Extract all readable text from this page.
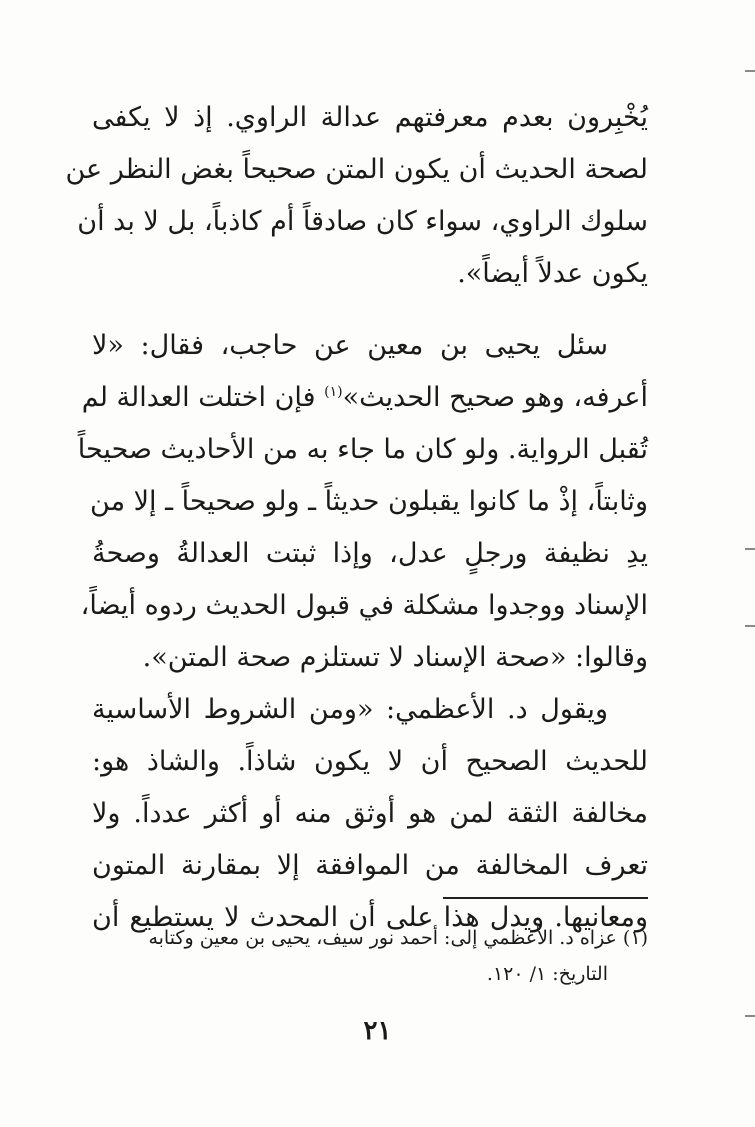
يُخْبِرون بعدم معرفتهم عدالة الراوي. إذ لا يكفى
لصحة الحديث أن يكون المتن صحيحاً بغض النظر عن
سلوك الراوي، سواء كان صادقاً أم كاذباً، بل لا بد أن
يكون عدلاً أيضاً».
سئل يحيى بن معين عن حاجب، فقال: «لا
أعرفه، وهو صحيح الحديث»$^{(١)}$ فإن اختلت العدالة لم
تُقبل الرواية. ولو كان ما جاء به من الأحاديث صحيحاً
وثابتاً، إذْ ما كانوا يقبلون حديثاً ـ ولو صحيحاً ـ إلا من
يدِ نظيفة ورجلٍ عدل، وإذا ثبتت العدالةُ وصحةُ
الإسناد ووجدوا مشكلة في قبول الحديث ردوه أيضاً،
وقالوا: «صحة الإسناد لا تستلزم صحة المتن».
ويقول د. الأعظمي: «ومن الشروط الأساسية
للحديث الصحيح أن لا يكون شاذاً. والشاذ هو:
مخالفة الثقة لمن هو أوثق منه أو أكثر عدداً. ولا
تعرف المخالفة من الموافقة إلا بمقارنة المتون
ومعانيها. ويدل هذا على أن المحدث لا يستطيع أن
(١) عزاه د. الأعظمي إلى: أحمد نور سيف، يحيى بن معين وكتابه
التاريخ: ١/ ١٢٠.
٢١
